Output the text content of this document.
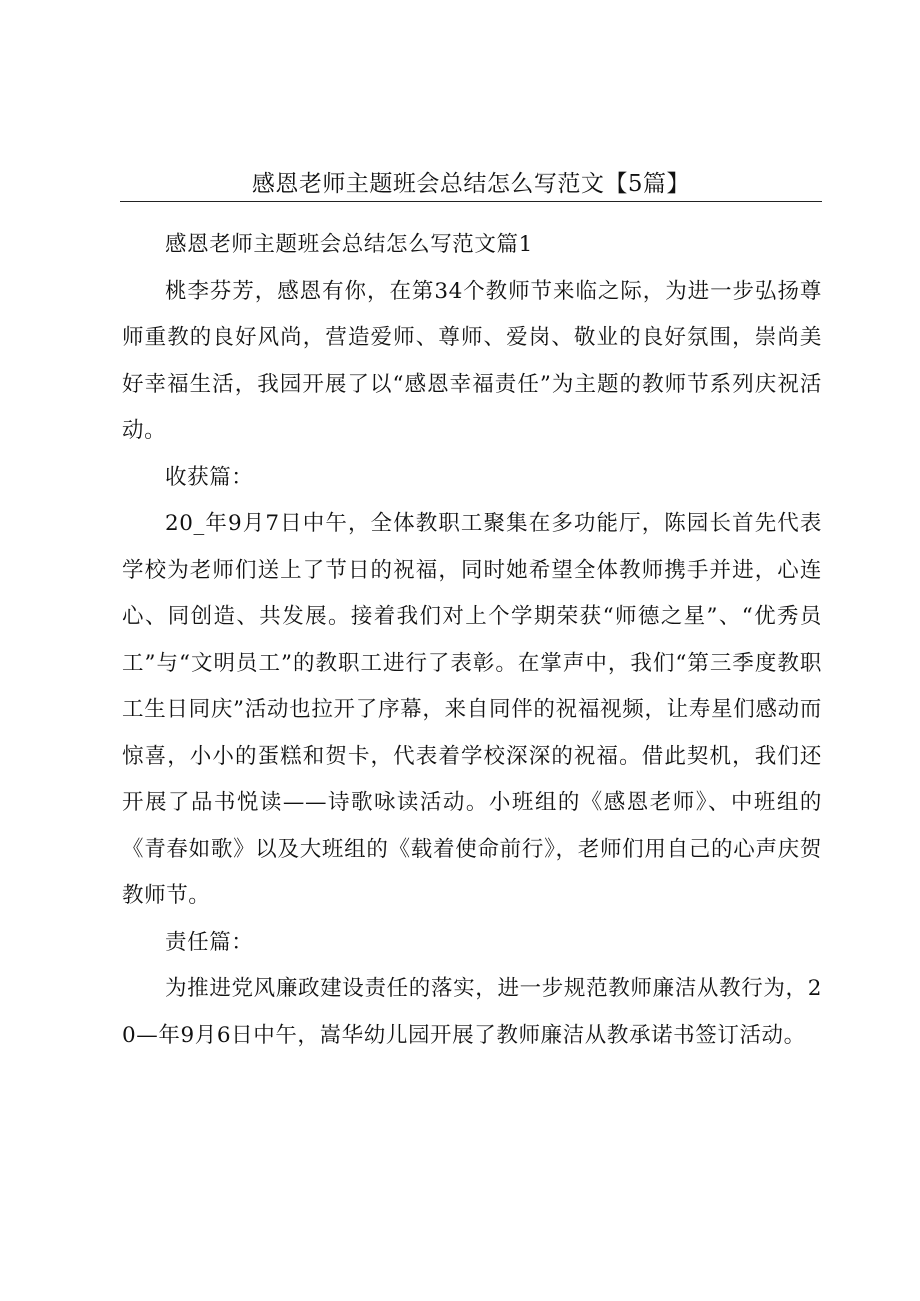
感恩老师主题班会总结怎么写范文【5篇】

感恩老师主题班会总结怎么写范文篇1

桃李芬芳，感恩有你，在第34个教师节来临之际，为进一步弘扬尊师重教的良好风尚，营造爱师、尊师、爱岗、敬业的良好氛围，崇尚美好幸福生活，我园开展了以“感恩幸福责任”为主题的教师节系列庆祝活动。

收获篇：

20_年9月7日中午，全体教职工聚集在多功能厅，陈园长首先代表学校为老师们送上了节日的祝福，同时她希望全体教师携手并进，心连心、同创造、共发展。接着我们对上个学期荣获“师德之星”、“优秀员工”与“文明员工”的教职工进行了表彰。在掌声中，我们“第三季度教职工生日同庆”活动也拉开了序幕，来自同伴的祝福视频，让寿星们感动而惊喜，小小的蛋糕和贺卡，代表着学校深深的祝福。借此契机，我们还开展了品书悦读——诗歌咏读活动。小班组的《感恩老师》、中班组的《青春如歌》以及大班组的《载着使命前行》，老师们用自己的心声庆贺教师节。

责任篇：

为推进党风廉政建设责任的落实，进一步规范教师廉洁从教行为，20—年9月6日中午，嵩华幼儿园开展了教师廉洁从教承诺书签订活动。
